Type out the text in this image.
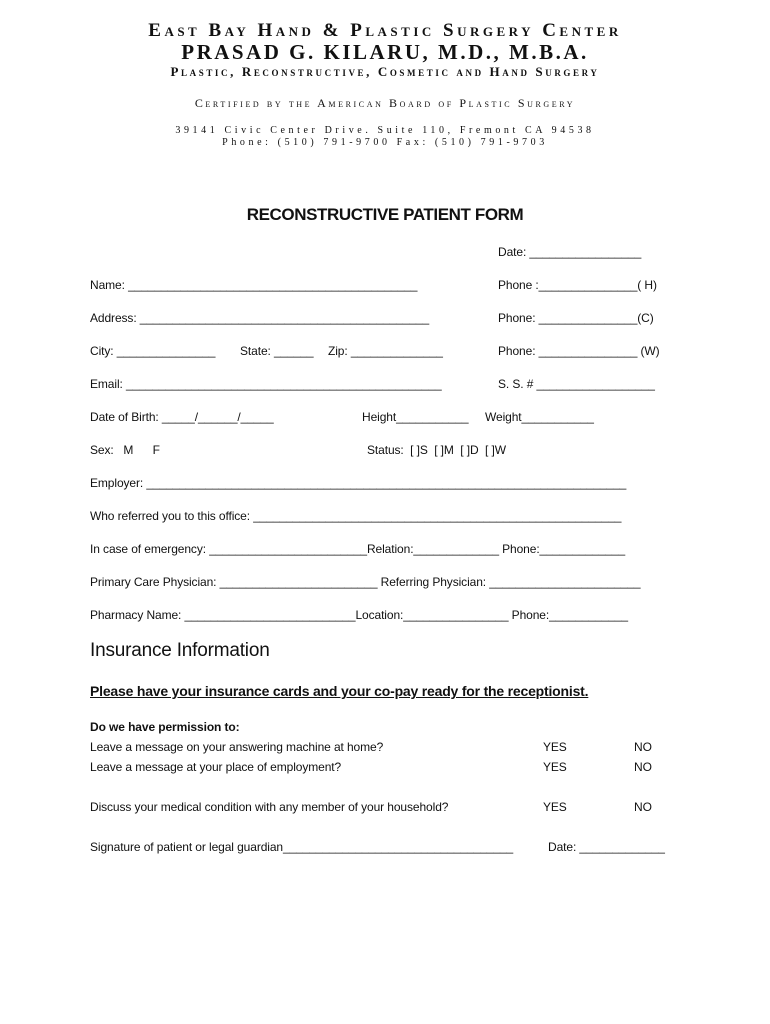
East Bay Hand & Plastic Surgery Center
PRASAD G. KILARU, M.D., M.B.A.
Plastic, Reconstructive, Cosmetic and Hand Surgery
Certified by the American Board of Plastic Surgery
39141 Civic Center Drive. Suite 110, Fremont CA 94538
Phone: (510) 791-9700 Fax: (510) 791-9703
RECONSTRUCTIVE PATIENT FORM
Date: _________________
Name: ____________________________________________	Phone :_______________( H)
Address: ____________________________________________	Phone: _______________(C)
City: _______________ State: ______ Zip: ______________	Phone: _______________ (W)
Email: ________________________________________________	S. S. # __________________
Date of Birth: _____/______/_____	Height___________ Weight___________
Sex:   M      F	Status:  [ ]S  [ ]M  [ ]D  [ ]W
Employer: _________________________________________________________________________
Who referred you to this office: ________________________________________________________
In case of emergency: ________________________Relation:_____________ Phone:_____________
Primary Care Physician: ________________________ Referring Physician: _______________________
Pharmacy Name: __________________________Location:________________ Phone:____________
Insurance Information
Please have your insurance cards and your co-pay ready for the receptionist.
Do we have permission to:
Leave a message on your answering machine at home?	YES	NO
Leave a message at your place of employment?	YES	NO
Discuss your medical condition with any member of your household?	YES	NO
Signature of patient or legal guardian___________________________________	Date: _____________
